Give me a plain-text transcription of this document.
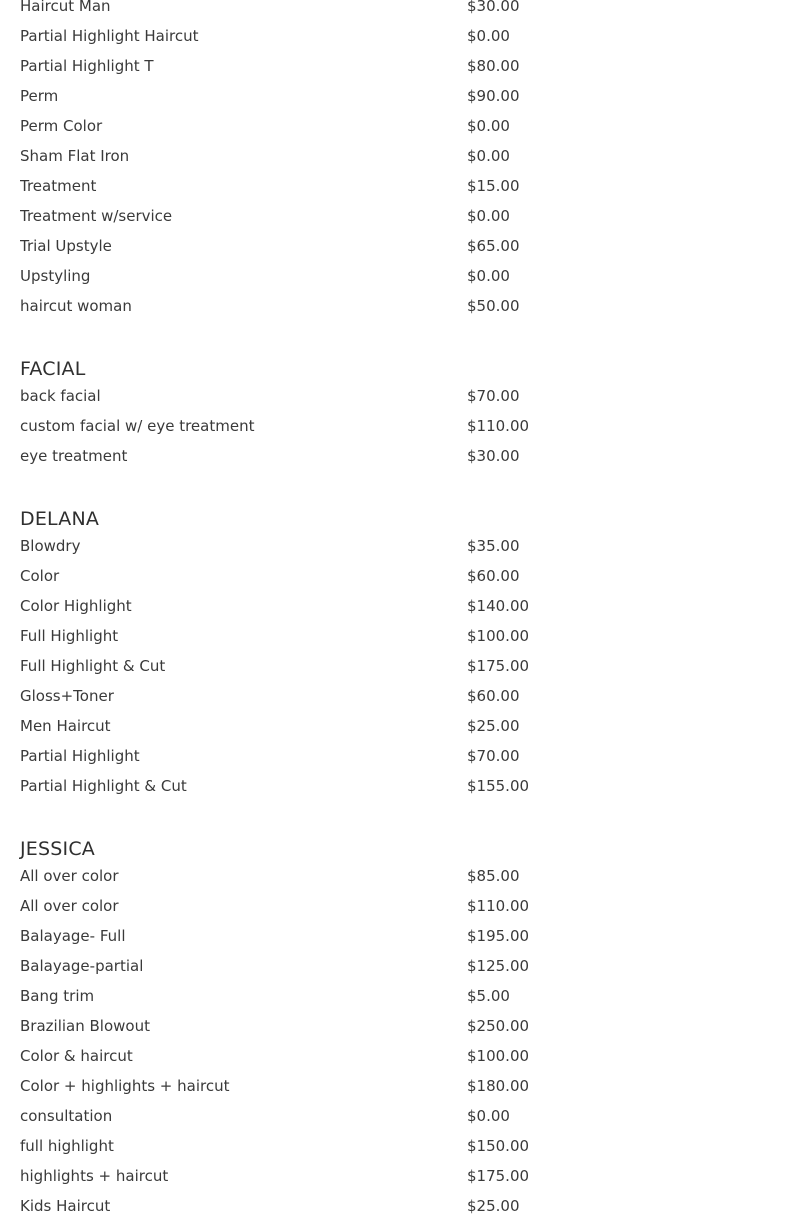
Haircut Man	$30.00
Partial Highlight Haircut	$0.00
Partial Highlight T	$80.00
Perm	$90.00
Perm Color	$0.00
Sham Flat Iron	$0.00
Treatment	$15.00
Treatment w/service	$0.00
Trial Upstyle	$65.00
Upstyling	$0.00
haircut woman	$50.00
FACIAL
back facial	$70.00
custom facial w/ eye treatment	$110.00
eye treatment	$30.00
DELANA
Blowdry	$35.00
Color	$60.00
Color Highlight	$140.00
Full Highlight	$100.00
Full Highlight & Cut	$175.00
Gloss+Toner	$60.00
Men Haircut	$25.00
Partial Highlight	$70.00
Partial Highlight & Cut	$155.00
JESSICA
All over color	$85.00
All over color	$110.00
Balayage- Full	$195.00
Balayage-partial	$125.00
Bang trim	$5.00
Brazilian Blowout	$250.00
Color & haircut	$100.00
Color + highlights + haircut	$180.00
consultation	$0.00
full highlight	$150.00
highlights + haircut	$175.00
Kids Haircut	$25.00
